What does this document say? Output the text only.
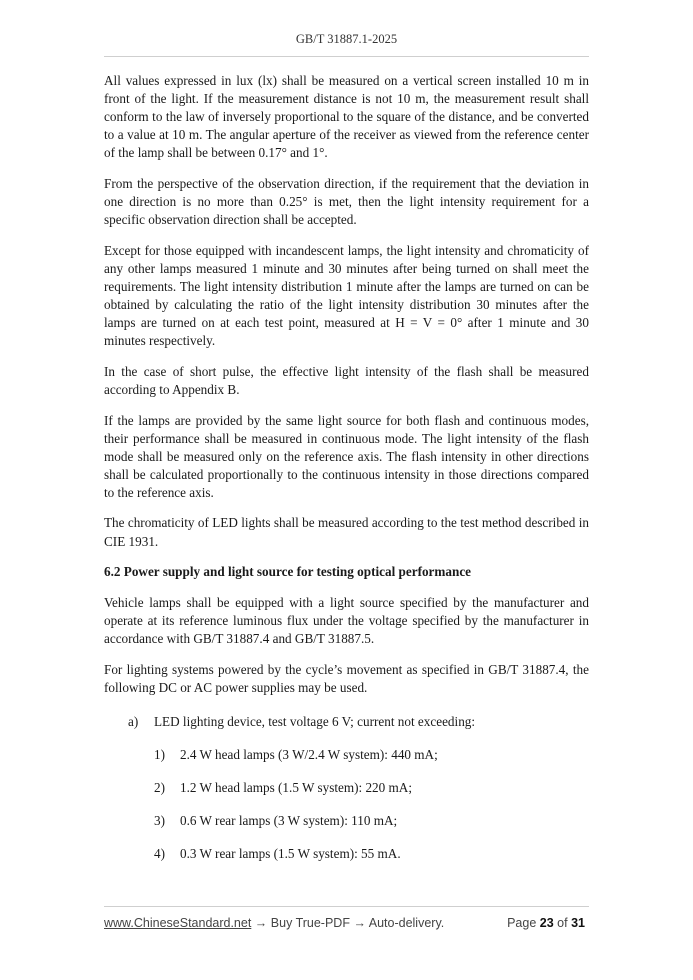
GB/T 31887.1-2025

All values expressed in lux (lx) shall be measured on a vertical screen installed 10 m in front of the light. If the measurement distance is not 10 m, the measurement result shall conform to the law of inversely proportional to the square of the distance, and be converted to a value at 10 m. The angular aperture of the receiver as viewed from the reference center of the lamp shall be between 0.17° and 1°.

From the perspective of the observation direction, if the requirement that the deviation in one direction is no more than 0.25° is met, then the light intensity requirement for a specific observation direction shall be accepted.

Except for those equipped with incandescent lamps, the light intensity and chromaticity of any other lamps measured 1 minute and 30 minutes after being turned on shall meet the requirements. The light intensity distribution 1 minute after the lamps are turned on can be obtained by calculating the ratio of the light intensity distribution 30 minutes after the lamps are turned on at each test point, measured at H = V = 0° after 1 minute and 30 minutes respectively.

In the case of short pulse, the effective light intensity of the flash shall be measured according to Appendix B.

If the lamps are provided by the same light source for both flash and continuous modes, their performance shall be measured in continuous mode. The light intensity of the flash mode shall be measured only on the reference axis. The flash intensity in other directions shall be calculated proportionally to the continuous intensity in those directions compared to the reference axis.

The chromaticity of LED lights shall be measured according to the test method described in CIE 1931.

6.2 Power supply and light source for testing optical performance

Vehicle lamps shall be equipped with a light source specified by the manufacturer and operate at its reference luminous flux under the voltage specified by the manufacturer in accordance with GB/T 31887.4 and GB/T 31887.5.

For lighting systems powered by the cycle’s movement as specified in GB/T 31887.4, the following DC or AC power supplies may be used.

a) LED lighting device, test voltage 6 V; current not exceeding:
1) 2.4 W head lamps (3 W/2.4 W system): 440 mA;
2) 1.2 W head lamps (1.5 W system): 220 mA;
3) 0.6 W rear lamps (3 W system): 110 mA;
4) 0.3 W rear lamps (1.5 W system): 55 mA.
www.ChineseStandard.net → Buy True-PDF → Auto-delivery.	Page 23 of 31
